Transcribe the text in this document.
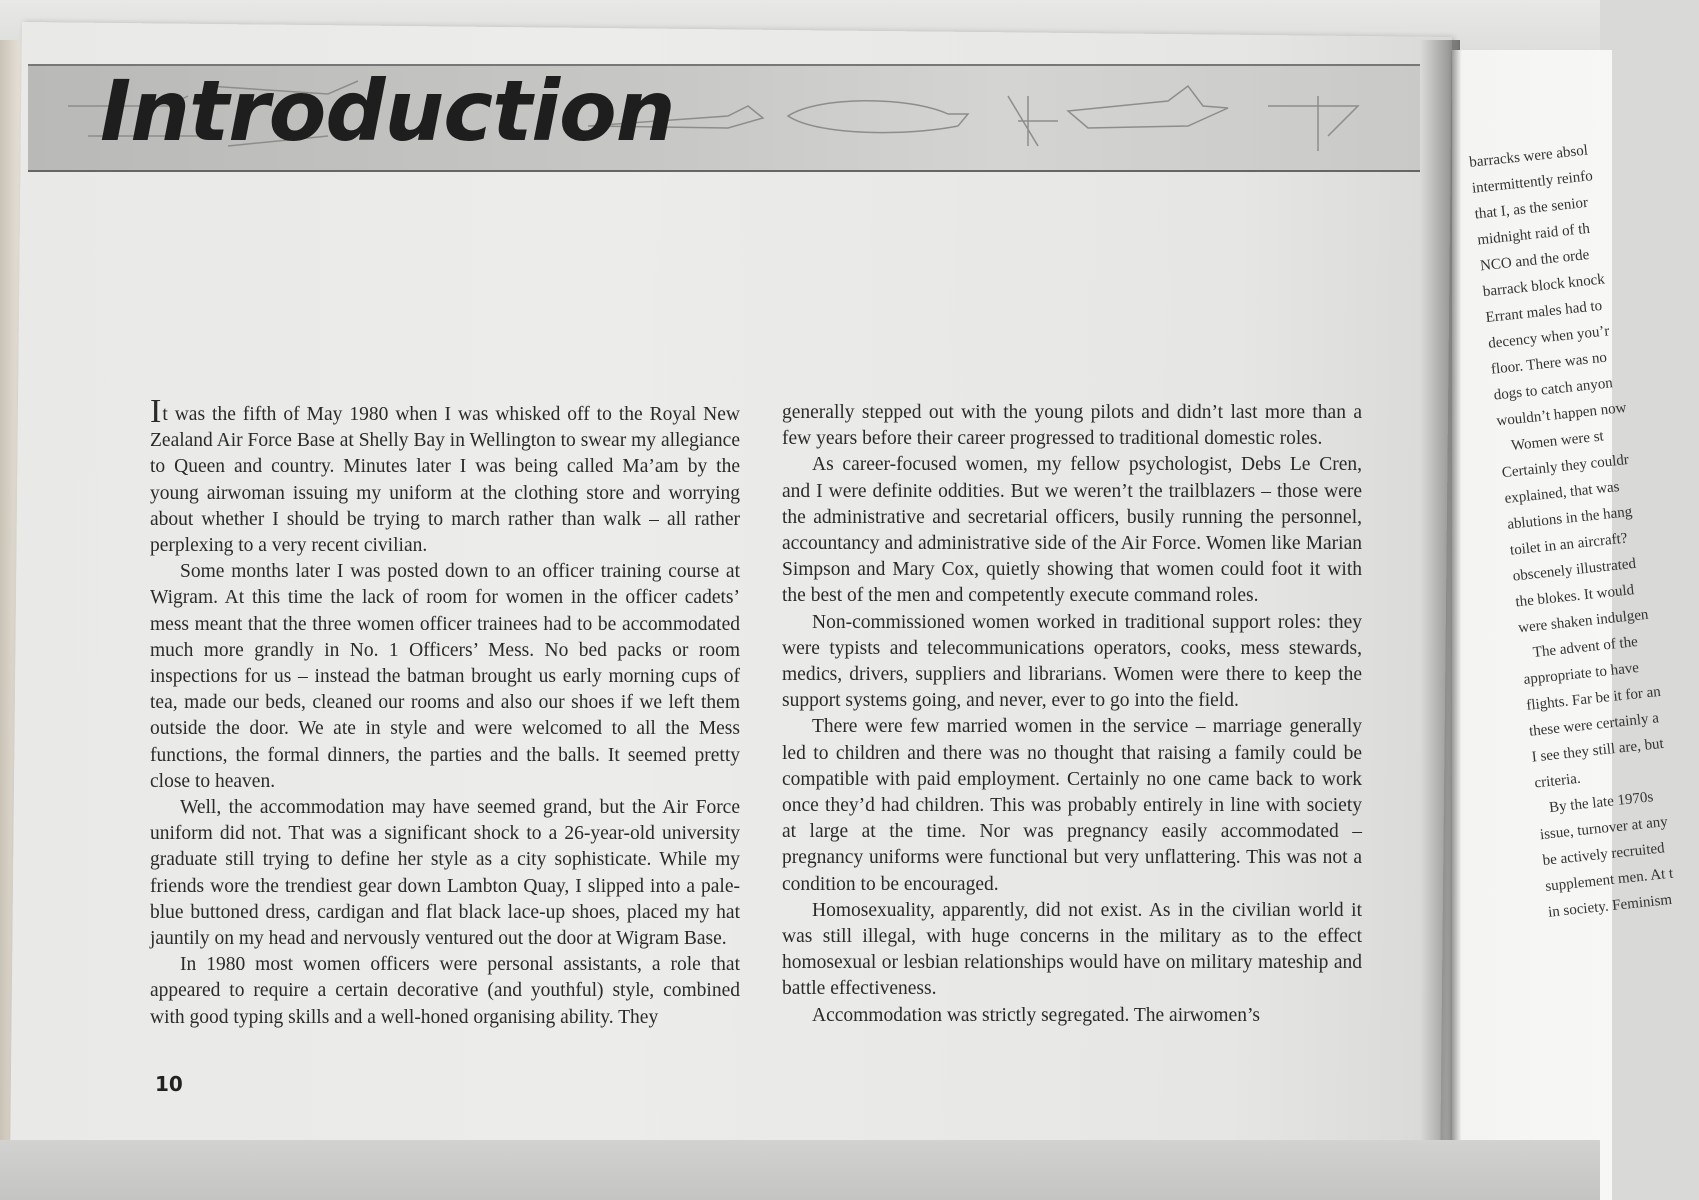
Introduction

It was the fifth of May 1980 when I was whisked off to the Royal New Zealand Air Force Base at Shelly Bay in Wellington to swear my allegiance to Queen and country. Minutes later I was being called Ma’am by the young airwoman issuing my uniform at the clothing store and worrying about whether I should be trying to march rather than walk – all rather perplexing to a very recent civilian.

Some months later I was posted down to an officer training course at Wigram. At this time the lack of room for women in the officer cadets’ mess meant that the three women officer trainees had to be accommodated much more grandly in No. 1 Officers’ Mess. No bed packs or room inspections for us – instead the batman brought us early morning cups of tea, made our beds, cleaned our rooms and also our shoes if we left them outside the door. We ate in style and were welcomed to all the Mess functions, the formal dinners, the parties and the balls. It seemed pretty close to heaven.

Well, the accommodation may have seemed grand, but the Air Force uniform did not. That was a significant shock to a 26-year-old university graduate still trying to define her style as a city sophisticate. While my friends wore the trendiest gear down Lambton Quay, I slipped into a pale-blue buttoned dress, cardigan and flat black lace-up shoes, placed my hat jauntily on my head and nervously ventured out the door at Wigram Base.

In 1980 most women officers were personal assistants, a role that appeared to require a certain decorative (and youthful) style, combined with good typing skills and a well-honed organising ability. They

generally stepped out with the young pilots and didn’t last more than a few years before their career progressed to traditional domestic roles.

As career-focused women, my fellow psychologist, Debs Le Cren, and I were definite oddities. But we weren’t the trailblazers – those were the administrative and secretarial officers, busily running the personnel, accountancy and administrative side of the Air Force. Women like Marian Simpson and Mary Cox, quietly showing that women could foot it with the best of the men and competently execute command roles.

Non-commissioned women worked in traditional support roles: they were typists and telecommunications operators, cooks, mess stewards, medics, drivers, suppliers and librarians. Women were there to keep the support systems going, and never, ever to go into the field.

There were few married women in the service – marriage generally led to children and there was no thought that raising a family could be compatible with paid employment. Certainly no one came back to work once they’d had children. This was probably entirely in line with society at large at the time. Nor was pregnancy easily accommodated – pregnancy uniforms were functional but very unflattering. This was not a condition to be encouraged.

Homosexuality, apparently, did not exist. As in the civilian world it was still illegal, with huge concerns in the military as to the effect homosexual or lesbian relationships would have on military mateship and battle effectiveness.

Accommodation was strictly segregated. The airwomen’s

10
barracks were absol
intermittently reinfo
that I, as the senior
midnight raid of th
NCO and the orde
barrack block knock
Errant males had to
decency when you’r
floor. There was no
dogs to catch anyon
wouldn’t happen now
Women were st
Certainly they couldr
explained, that was
ablutions in the hang
toilet in an aircraft?
obscenely illustrated
the blokes. It would
were shaken indulgen
The advent of the
appropriate to have
flights. Far be it for an
these were certainly a
I see they still are, but
criteria.
By the late 1970s
issue, turnover at any
be actively recruited
supplement men. At t
in society. Feminism
